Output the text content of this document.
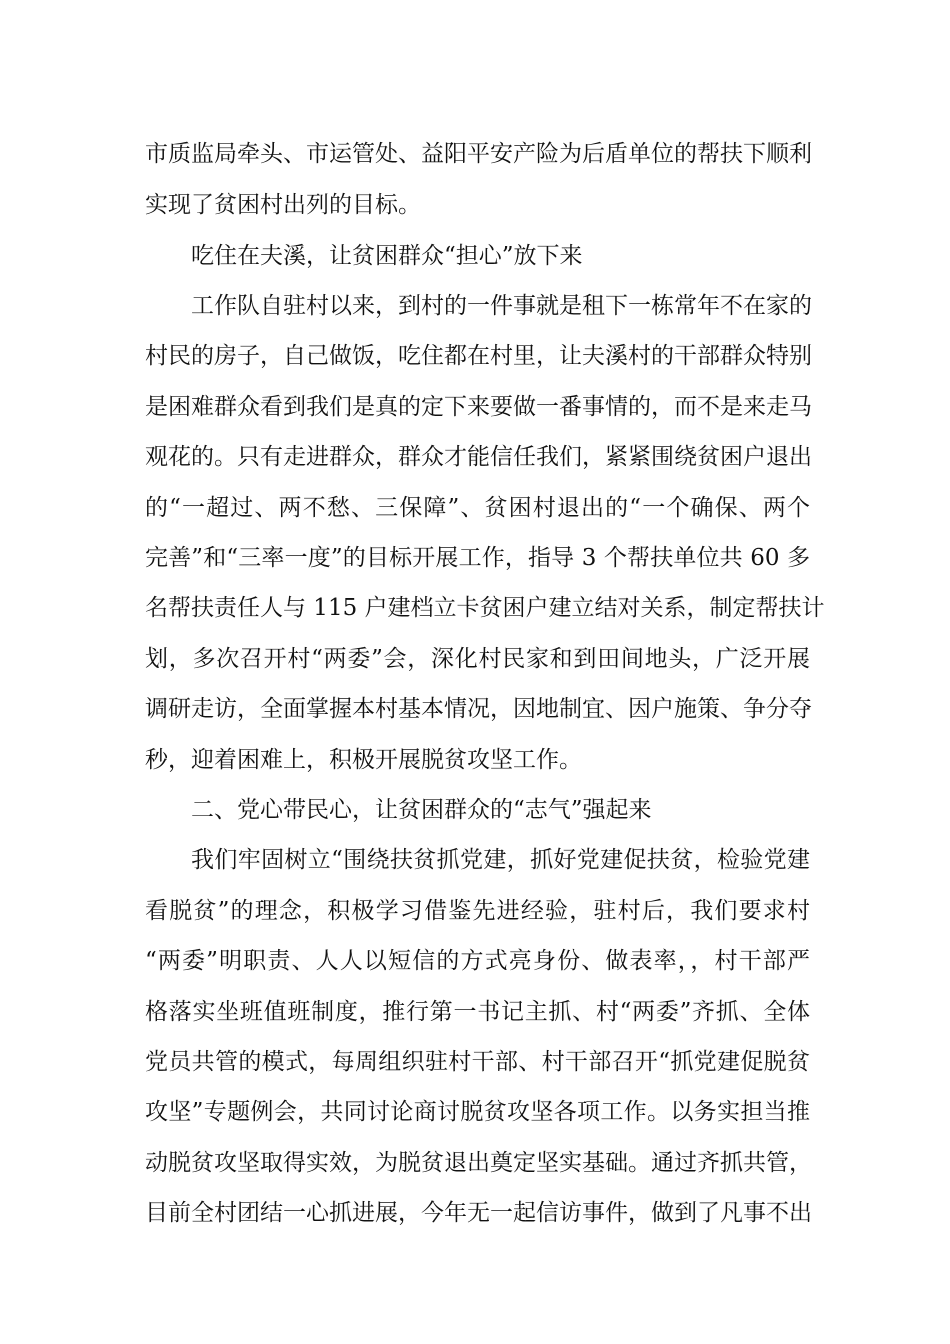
市质监局牵头、市运管处、益阳平安产险为后盾单位的帮扶下顺利
实现了贫困村出列的目标。
吃住在夫溪，让贫困群众“担心”放下来
工作队自驻村以来，到村的一件事就是租下一栋常年不在家的
村民的房子，自己做饭，吃住都在村里，让夫溪村的干部群众特别
是困难群众看到我们是真的定下来要做一番事情的，而不是来走马
观花的。只有走进群众，群众才能信任我们，紧紧围绕贫困户退出
的“一超过、两不愁、三保障”、贫困村退出的“一个确保、两个
完善”和“三率一度”的目标开展工作，指导 3 个帮扶单位共 60 多
名帮扶责任人与 115 户建档立卡贫困户建立结对关系，制定帮扶计
划，多次召开村“两委”会，深化村民家和到田间地头，广泛开展
调研走访，全面掌握本村基本情况，因地制宜、因户施策、争分夺
秒，迎着困难上，积极开展脱贫攻坚工作。
二、党心带民心，让贫困群众的“志气”强起来
我们牢固树立“围绕扶贫抓党建，抓好党建促扶贫，检验党建
看脱贫”的理念，积极学习借鉴先进经验，驻村后，我们要求村
“两委”明职责、人人以短信的方式亮身份、做表率，，村干部严
格落实坐班值班制度，推行第一书记主抓、村“两委”齐抓、全体
党员共管的模式，每周组织驻村干部、村干部召开“抓党建促脱贫
攻坚”专题例会，共同讨论商讨脱贫攻坚各项工作。以务实担当推
动脱贫攻坚取得实效，为脱贫退出奠定坚实基础。通过齐抓共管，
目前全村团结一心抓进展，今年无一起信访事件，做到了凡事不出
